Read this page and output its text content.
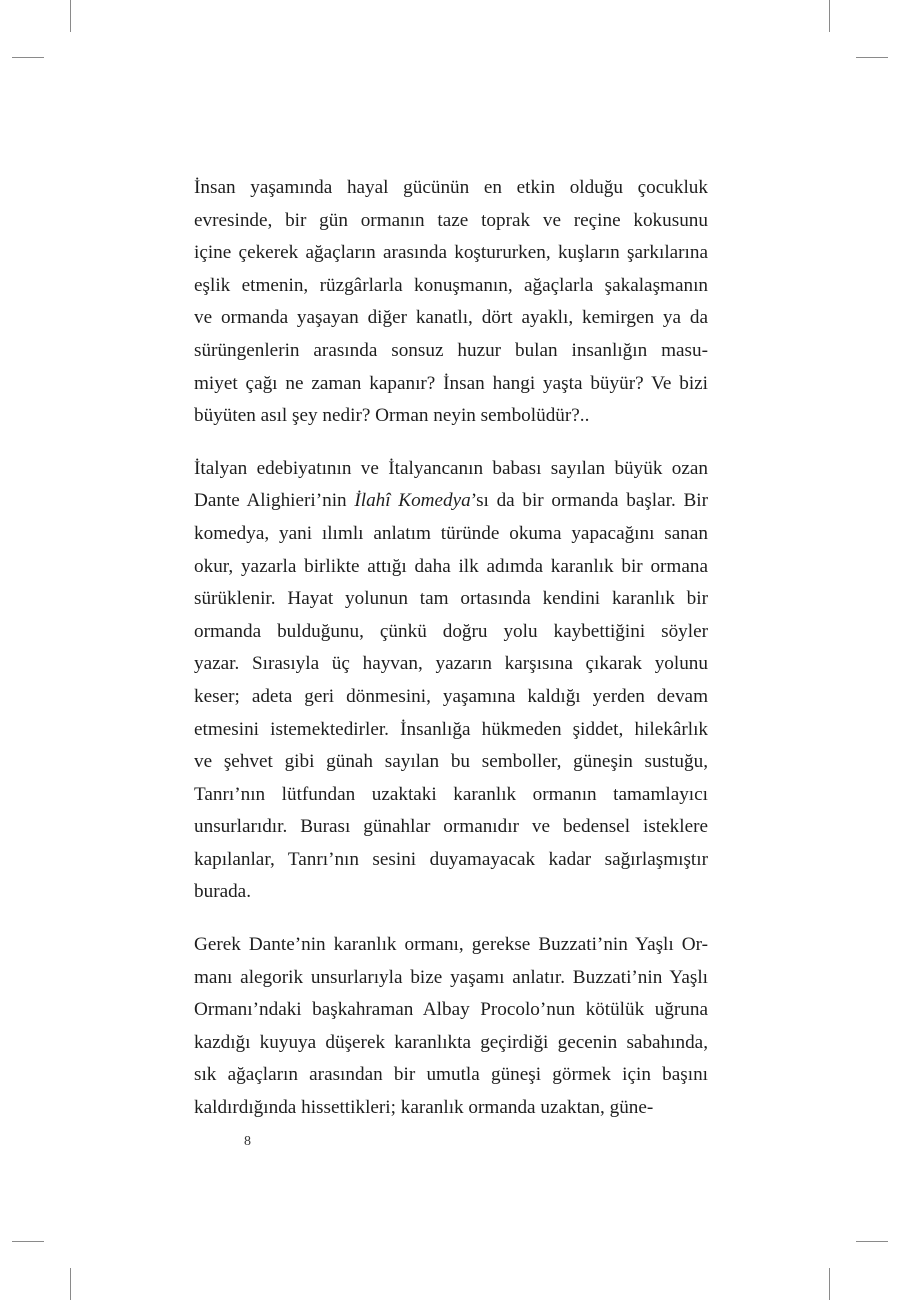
İnsan yaşamında hayal gücünün en etkin olduğu çocukluk
evresinde, bir gün ormanın taze toprak ve reçine kokusunu
içine çekerek ağaçların arasında koştururken, kuşların şarkılarına
eşlik etmenin, rüzgârlarla konuşmanın, ağaçlarla şakalaşmanın
ve ormanda yaşayan diğer kanatlı, dört ayaklı, kemirgen ya da
sürüngenlerin arasında sonsuz huzur bulan insanlığın masu-
miyet çağı ne zaman kapanır? İnsan hangi yaşta büyür? Ve bizi
büyüten asıl şey nedir? Orman neyin sembolüdür?..

İtalyan edebiyatının ve İtalyancanın babası sayılan büyük ozan
Dante Alighieri’nin İlahî Komedya’sı da bir ormanda başlar. Bir
komedya, yani ılımlı anlatım türünde okuma yapacağını sanan
okur, yazarla birlikte attığı daha ilk adımda karanlık bir ormana
sürüklenir. Hayat yolunun tam ortasında kendini karanlık bir
ormanda bulduğunu, çünkü doğru yolu kaybettiğini söyler
yazar. Sırasıyla üç hayvan, yazarın karşısına çıkarak yolunu
keser; adeta geri dönmesini, yaşamına kaldığı yerden devam
etmesini istemektedirler. İnsanlığa hükmeden şiddet, hilekârlık
ve şehvet gibi günah sayılan bu semboller, güneşin sustuğu,
Tanrı’nın lütfundan uzaktaki karanlık ormanın tamamlayıcı
unsurlarıdır. Burası günahlar ormanıdır ve bedensel isteklere
kapılanlar, Tanrı’nın sesini duyamayacak kadar sağırlaşmıştır
burada.

Gerek Dante’nin karanlık ormanı, gerekse Buzzati’nin Yaşlı Or-
manı alegorik unsurlarıyla bize yaşamı anlatır. Buzzati’nin Yaşlı
Ormanı’ndaki başkahraman Albay Procolo’nun kötülük uğruna
kazdığı kuyuya düşerek karanlıkta geçirdiği gecenin sabahında,
sık ağaçların arasından bir umutla güneşi görmek için başını
kaldırdığında hissettikleri; karanlık ormanda uzaktan, güne-

8
